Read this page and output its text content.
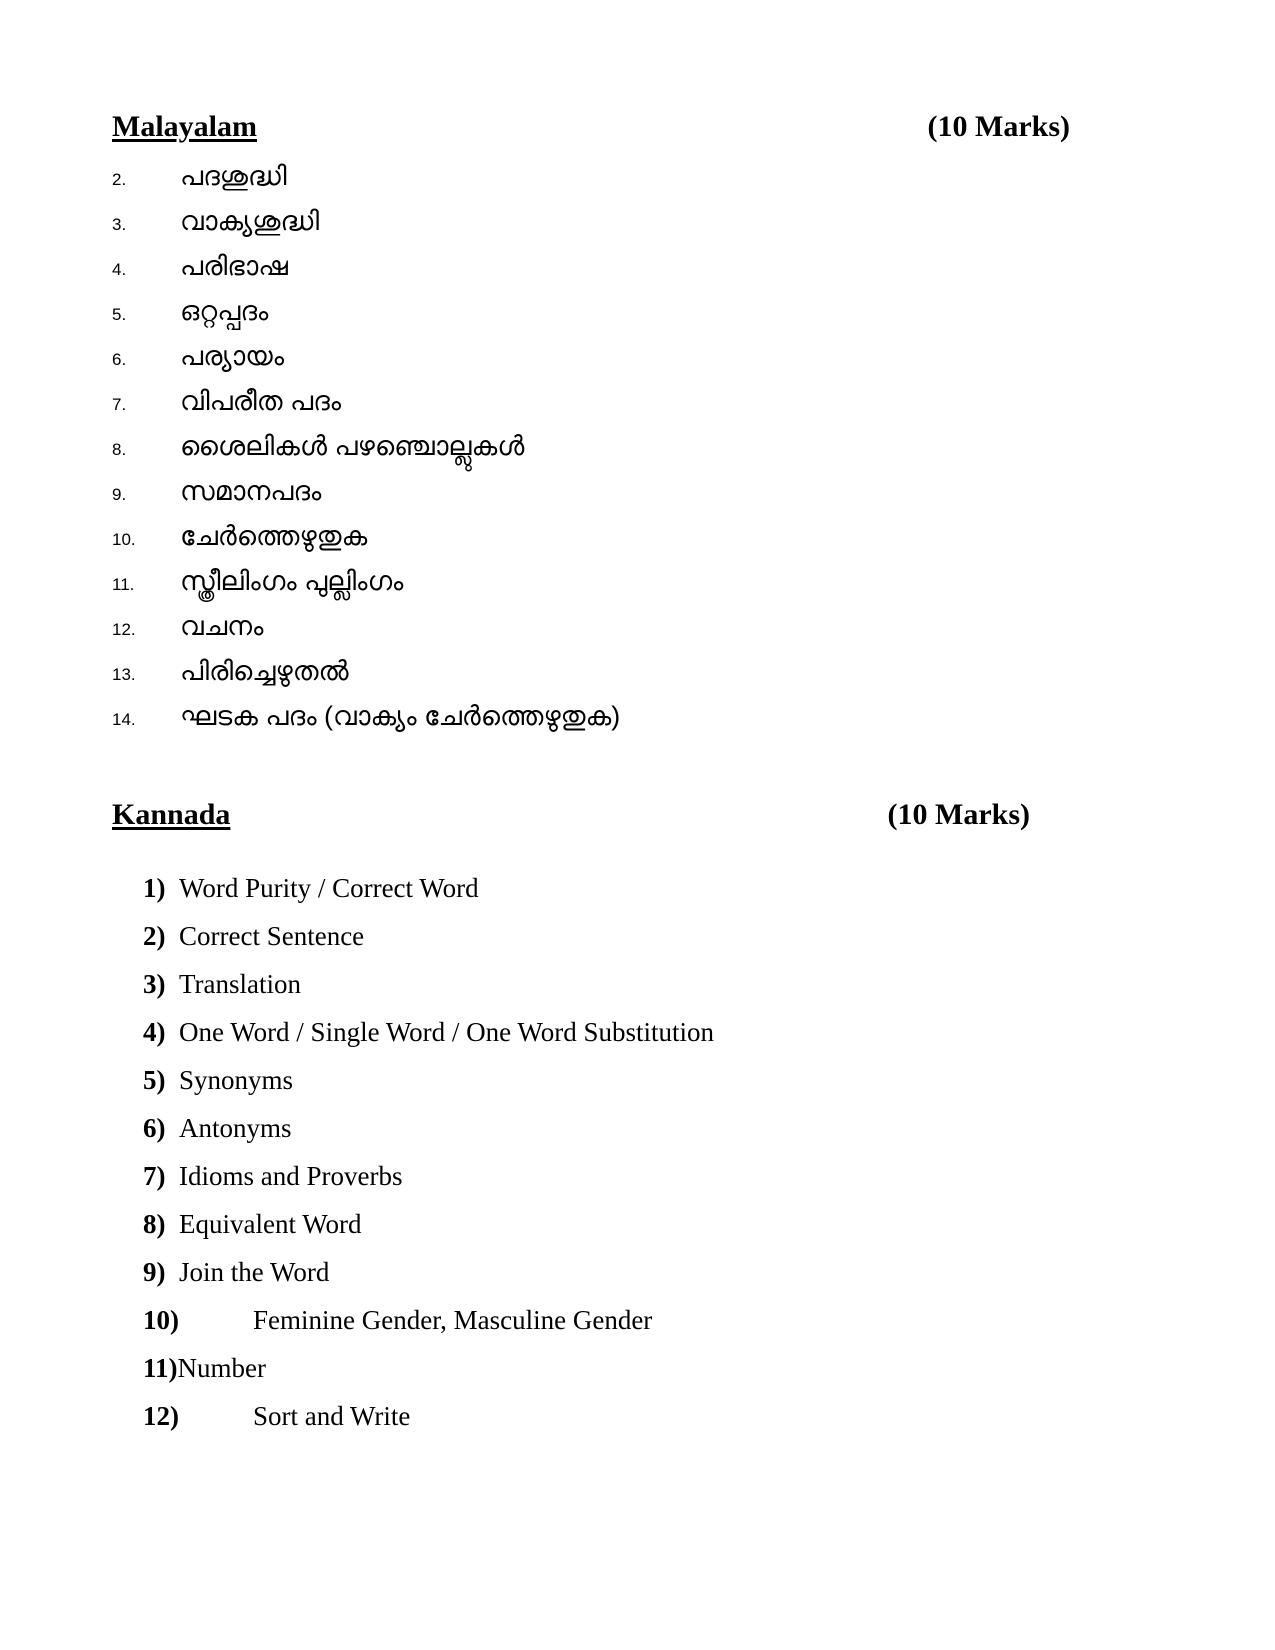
Malayalam	(10 Marks)
2.	പദശുദ്ധി
3.	വാക്യശുദ്ധി
4.	പരിഭാഷ
5.	ഒറ്റപ്പദം
6.	പര്യായം
7.	വിപരീത പദം
8.	ശൈലികൾ പഴഞ്ചൊല്ലുകൾ
9.	സമാനപദം
10.	ചേർത്തെഴുതുക
11.	സ്ത്രീലിംഗം പുല്ലിംഗം
12.	വചനം
13.	പിരിച്ചെഴുതൽ
14.	ഘടക പദം (വാക്യം ചേർത്തെഴുതുക)
Kannada	(10 Marks)
1) Word Purity / Correct Word
2) Correct Sentence
3) Translation
4) One Word / Single Word / One Word Substitution
5) Synonyms
6) Antonyms
7) Idioms and Proverbs
8) Equivalent Word
9) Join the Word
10)	Feminine Gender, Masculine Gender
11) Number
12)	Sort and Write
